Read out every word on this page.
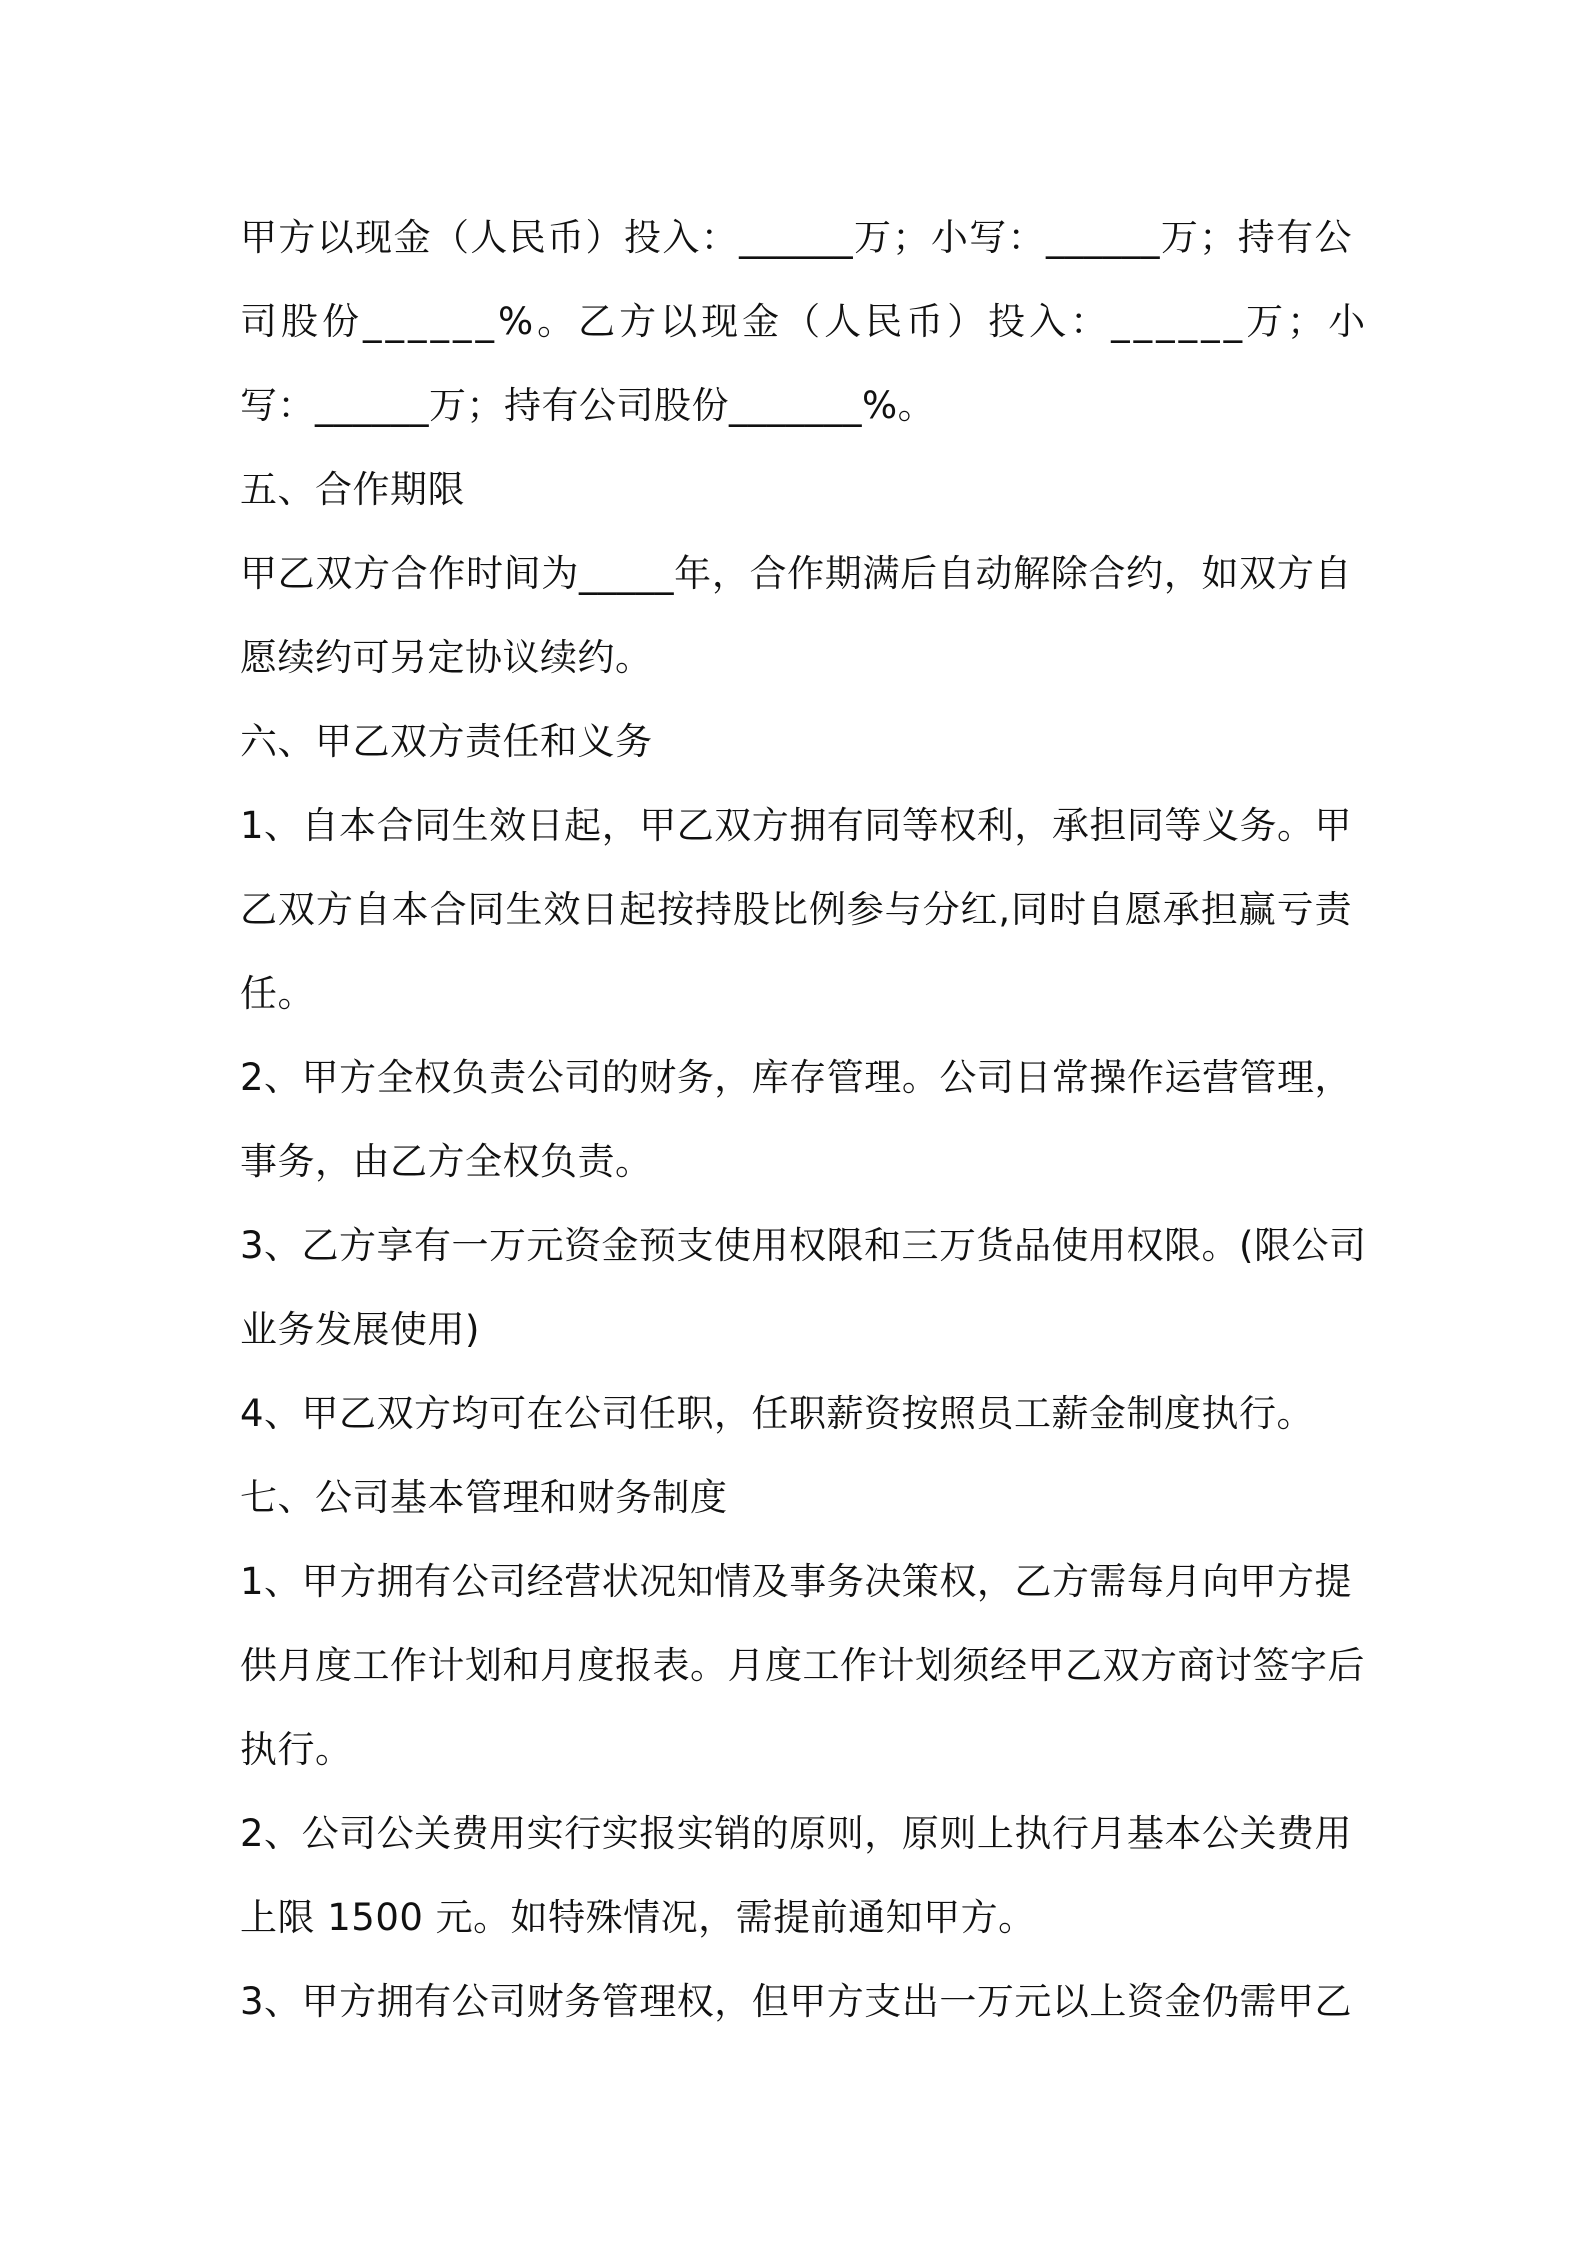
甲方以现金（人民币）投入：______万；小写：______万；持有公
司股份______%。乙方以现金（人民币）投入：______万；小
写：______万；持有公司股份_______%。
五、合作期限
甲乙双方合作时间为_____年，合作期满后自动解除合约，如双方自
愿续约可另定协议续约。
六、甲乙双方责任和义务
1、自本合同生效日起，甲乙双方拥有同等权利，承担同等义务。甲
乙双方自本合同生效日起按持股比例参与分红,同时自愿承担赢亏责
任。
2、甲方全权负责公司的财务，库存管理。公司日常操作运营管理，
事务，由乙方全权负责。
3、乙方享有一万元资金预支使用权限和三万货品使用权限。(限公司
业务发展使用)
4、甲乙双方均可在公司任职，任职薪资按照员工薪金制度执行。
七、公司基本管理和财务制度
1、甲方拥有公司经营状况知情及事务决策权，乙方需每月向甲方提
供月度工作计划和月度报表。月度工作计划须经甲乙双方商讨签字后
执行。
2、公司公关费用实行实报实销的原则，原则上执行月基本公关费用
上限 1500 元。如特殊情况，需提前通知甲方。
3、甲方拥有公司财务管理权，但甲方支出一万元以上资金仍需甲乙
